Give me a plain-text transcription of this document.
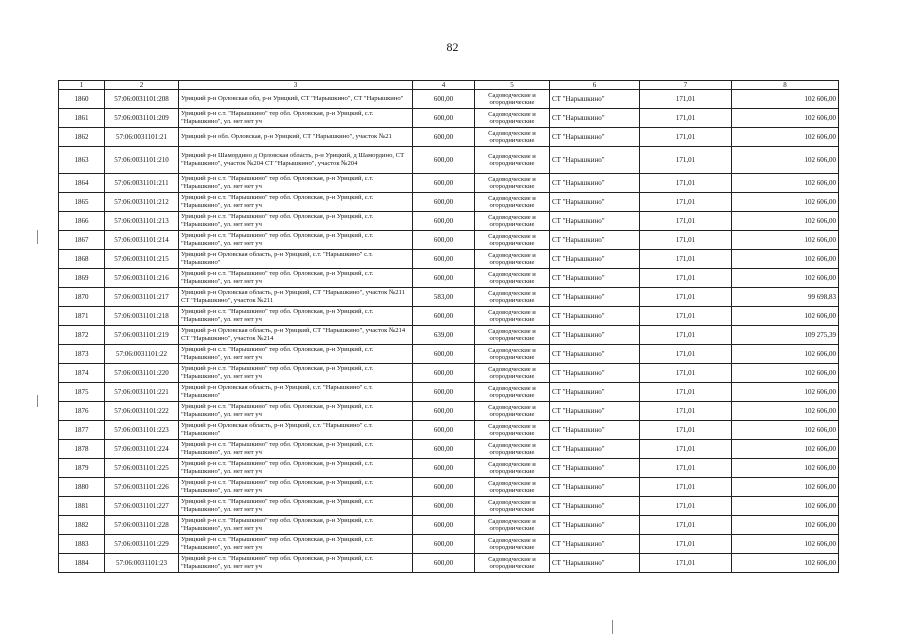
82
1	2	3	4	5	6	7	8
1860	57:06:0031101:208	Урицкий р-н Орловская обл, р-н Урицкий, СТ "Нарышкино", СТ "Нарышкино"	600,00	Садоводческие и огороднические	СТ "Нарышкино"	171,01	102 606,00
1861	57:06:0031101:209	Урицкий р-н с.т. "Нарышкино" тер обл. Орловская, р-н Урицкий, с.т. "Нарышкино", ул. нет нет уч	600,00	Садоводческие и огороднические	СТ "Нарышкино"	171,01	102 606,00
1862	57:06:0031101:21	Урицкий р-н обл. Орловская, р-н Урицкий, СТ "Нарышкино", участок №21	600,00	Садоводческие и огороднические	СТ "Нарышкино"	171,01	102 606,00
1863	57:06:0031101:210	Урицкий р-н Шамордино д Орловская область, р-н Урицкий, д Шамордино, СТ "Нарышкино", участок №204 СТ "Нарышкино", участок №204	600,00	Садоводческие и огороднические	СТ "Нарышкино"	171,01	102 606,00
1864	57:06:0031101:211	Урицкий р-н с.т. "Нарышкино" тер обл. Орловская, р-н Урицкий, с.т. "Нарышкино", ул. нет нет уч	600,00	Садоводческие и огороднические	СТ "Нарышкино"	171,01	102 606,00
1865	57:06:0031101:212	Урицкий р-н с.т. "Нарышкино" тер обл. Орловская, р-н Урицкий, с.т. "Нарышкино", ул. нет нет уч	600,00	Садоводческие и огороднические	СТ "Нарышкино"	171,01	102 606,00
1866	57:06:0031101:213	Урицкий р-н с.т. "Нарышкино" тер обл. Орловская, р-н Урицкий, с.т. "Нарышкино", ул. нет нет уч	600,00	Садоводческие и огороднические	СТ "Нарышкино"	171,01	102 606,00
1867	57:06:0031101:214	Урицкий р-н с.т. "Нарышкино" тер обл. Орловская, р-н Урицкий, с.т. "Нарышкино", ул. нет нет уч	600,00	Садоводческие и огороднические	СТ "Нарышкино"	171,01	102 606,00
1868	57:06:0031101:215	Урицкий р-н Орловская область, р-н Урицкий, с.т. "Нарышкино" с.т. "Нарышкино"	600,00	Садоводческие и огороднические	СТ "Нарышкино"	171,01	102 606,00
1869	57:06:0031101:216	Урицкий р-н с.т. "Нарышкино" тер обл. Орловская, р-н Урицкий, с.т. "Нарышкино", ул. нет нет уч	600,00	Садоводческие и огороднические	СТ "Нарышкино"	171,01	102 606,00
1870	57:06:0031101:217	Урицкий р-н Орловская область, р-н Урицкий, СТ "Нарышкино", участок №211 СТ "Нарышкино", участок №211	583,00	Садоводческие и огороднические	СТ "Нарышкино"	171,01	99 698,83
1871	57:06:0031101:218	Урицкий р-н с.т. "Нарышкино" тер обл. Орловская, р-н Урицкий, с.т. "Нарышкино", ул. нет нет уч	600,00	Садоводческие и огороднические	СТ "Нарышкино"	171,01	102 606,00
1872	57:06:0031101:219	Урицкий р-н Орловская область, р-н Урицкий, СТ "Нарышкино", участок №214 СТ "Нарышкино", участок №214	639,00	Садоводческие и огороднические	СТ "Нарышкино"	171,01	109 275,39
1873	57:06:0031101:22	Урицкий р-н с.т. "Нарышкино" тер обл. Орловская, р-н Урицкий, с.т. "Нарышкино", ул. нет нет уч	600,00	Садоводческие и огороднические	СТ "Нарышкино"	171,01	102 606,00
1874	57:06:0031101:220	Урицкий р-н с.т. "Нарышкино" тер обл. Орловская, р-н Урицкий, с.т. "Нарышкино", ул. нет нет уч	600,00	Садоводческие и огороднические	СТ "Нарышкино"	171,01	102 606,00
1875	57:06:0031101:221	Урицкий р-н Орловская область, р-н Урицкий, с.т. "Нарышкино" с.т. "Нарышкино"	600,00	Садоводческие и огороднические	СТ "Нарышкино"	171,01	102 606,00
1876	57:06:0031101:222	Урицкий р-н с.т. "Нарышкино" тер обл. Орловская, р-н Урицкий, с.т. "Нарышкино", ул. нет нет уч	600,00	Садоводческие и огороднические	СТ "Нарышкино"	171,01	102 606,00
1877	57:06:0031101:223	Урицкий р-н Орловская область, р-н Урицкий, с.т. "Нарышкино" с.т. "Нарышкино"	600,00	Садоводческие и огороднические	СТ "Нарышкино"	171,01	102 606,00
1878	57:06:0031101:224	Урицкий р-н с.т. "Нарышкино" тер обл. Орловская, р-н Урицкий, с.т. "Нарышкино", ул. нет нет уч	600,00	Садоводческие и огороднические	СТ "Нарышкино"	171,01	102 606,00
1879	57:06:0031101:225	Урицкий р-н с.т. "Нарышкино" тер обл. Орловская, р-н Урицкий, с.т. "Нарышкино", ул. нет нет уч	600,00	Садоводческие и огороднические	СТ "Нарышкино"	171,01	102 606,00
1880	57:06:0031101:226	Урицкий р-н с.т. "Нарышкино" тер обл. Орловская, р-н Урицкий, с.т. "Нарышкино", ул. нет нет уч	600,00	Садоводческие и огороднические	СТ "Нарышкино"	171,01	102 606,00
1881	57:06:0031101:227	Урицкий р-н с.т. "Нарышкино" тер обл. Орловская, р-н Урицкий, с.т. "Нарышкино", ул. нет нет уч	600,00	Садоводческие и огороднические	СТ "Нарышкино"	171,01	102 606,00
1882	57:06:0031101:228	Урицкий р-н с.т. "Нарышкино" тер обл. Орловская, р-н Урицкий, с.т. "Нарышкино", ул. нет нет уч	600,00	Садоводческие и огороднические	СТ "Нарышкино"	171,01	102 606,00
1883	57:06:0031101:229	Урицкий р-н с.т. "Нарышкино" тер обл. Орловская, р-н Урицкий, с.т. "Нарышкино", ул. нет нет уч	600,00	Садоводческие и огороднические	СТ "Нарышкино"	171,01	102 606,00
1884	57:06:0031101:23	Урицкий р-н с.т. "Нарышкино" тер обл. Орловская, р-н Урицкий, с.т. "Нарышкино", ул. нет нет уч	600,00	Садоводческие и огороднические	СТ "Нарышкино"	171,01	102 606,00
